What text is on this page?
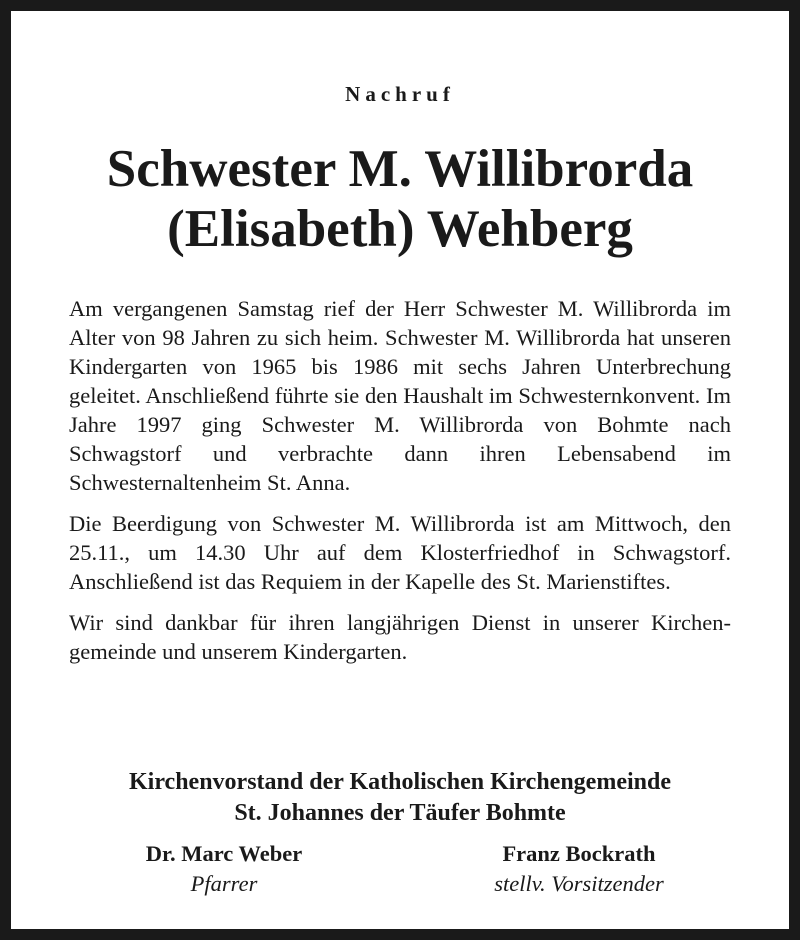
Nachruf
Schwester M. Willibrorda
(Elisabeth) Wehberg

Am vergangenen Samstag rief der Herr Schwester M. Willibrorda im Alter von 98 Jahren zu sich heim. Schwester M. Willibrorda hat unseren Kindergarten von 1965 bis 1986 mit sechs Jahren Unterbrechung geleitet. Anschließend führte sie den Haushalt im Schwesternkonvent. Im Jahre 1997 ging Schwester M. Willibrorda von Bohmte nach Schwagstorf und verbrachte dann ihren Lebensabend im Schwesternaltenheim St. Anna.

Die Beerdigung von Schwester M. Willibrorda ist am Mittwoch, den 25.11., um 14.30 Uhr auf dem Klosterfriedhof in Schwagstorf. Anschließend ist das Requiem in der Kapelle des St. Marienstiftes.

Wir sind dankbar für ihren langjährigen Dienst in unserer Kirchengemeinde und unserem Kindergarten.

Kirchenvorstand der Katholischen Kirchengemeinde
St. Johannes der Täufer Bohmte
Dr. Marc Weber
Pfarrer
Franz Bockrath
stellv. Vorsitzender
